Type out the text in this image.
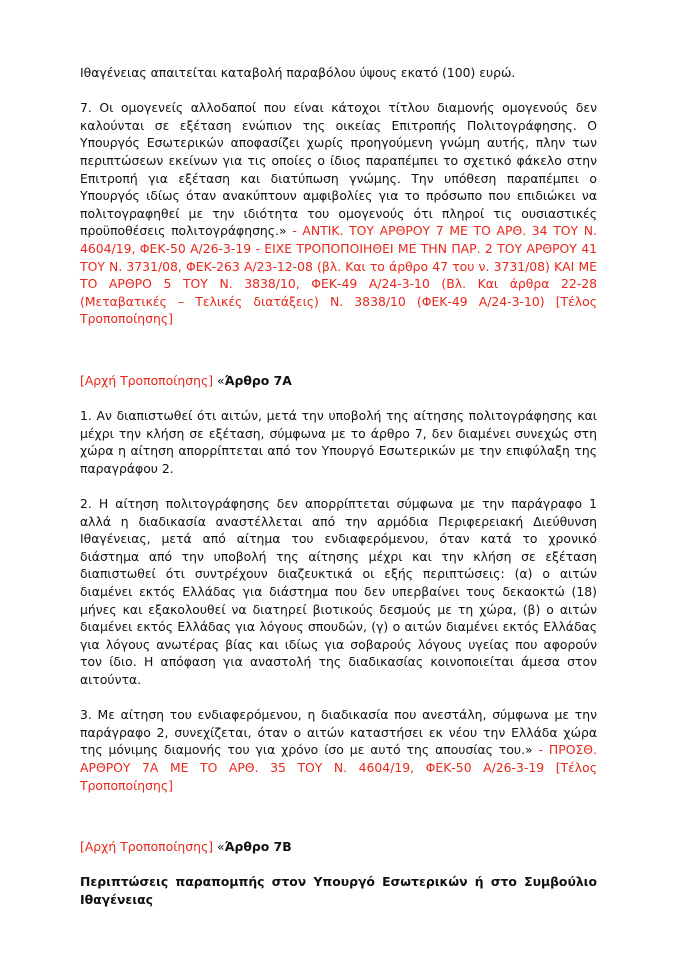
Ιθαγένειας απαιτείται καταβολή παραβόλου ύψους εκατό (100) ευρώ.

7. Οι ομογενείς αλλοδαποί που είναι κάτοχοι τίτλου διαμονής ομογενούς δεν καλούνται σε εξέταση ενώπιον της οικείας Επιτροπής Πολιτογράφησης. Ο Υπουργός Εσωτερικών αποφασίζει χωρίς προηγούμενη γνώμη αυτής, πλην των περιπτώσεων εκείνων για τις οποίες ο ίδιος παραπέμπει το σχετικό φάκελο στην Επιτροπή για εξέταση και διατύπωση γνώμης. Την υπόθεση παραπέμπει ο Υπουργός ιδίως όταν ανακύπτουν αμφιβολίες για το πρόσωπο που επιδιώκει να πολιτογραφηθεί με την ιδιότητα του ομογενούς ότι πληροί τις ουσιαστικές προϋποθέσεις πολιτογράφησης.» - ΑΝΤΙΚ. ΤΟΥ ΑΡΘΡΟΥ 7 ΜΕ ΤΟ ΑΡΘ. 34 ΤΟΥ Ν. 4604/19, ΦΕΚ-50 Α/26-3-19 - ΕΙΧΕ ΤΡΟΠΟΠΟΙΗΘΕΙ ΜΕ ΤΗΝ ΠΑΡ. 2 ΤΟΥ ΑΡΘΡΟΥ 41 ΤΟΥ Ν. 3731/08, ΦΕΚ-263 Α/23-12-08 (βλ. Και το άρθρο 47 του ν. 3731/08) ΚΑΙ ΜΕ ΤΟ ΑΡΘΡΟ 5 ΤΟΥ Ν. 3838/10, ΦΕΚ-49 Α/24-3-10 (Βλ. Και άρθρα 22-28 (Μεταβατικές – Τελικές διατάξεις) Ν. 3838/10 (ΦΕΚ-49 Α/24-3-10) [Τέλος Τροποποίησης]

[Αρχή Τροποποίησης] «Άρθρο 7Α

1. Αν διαπιστωθεί ότι αιτών, μετά την υποβολή της αίτησης πολιτογράφησης και μέχρι την κλήση σε εξέταση, σύμφωνα με το άρθρο 7, δεν διαμένει συνεχώς στη χώρα η αίτηση απορρίπτεται από τον Υπουργό Εσωτερικών με την επιφύλαξη της παραγράφου 2.

2. Η αίτηση πολιτογράφησης δεν απορρίπτεται σύμφωνα με την παράγραφο 1 αλλά η διαδικασία αναστέλλεται από την αρμόδια Περιφερειακή Διεύθυνση Ιθαγένειας, μετά από αίτημα του ενδιαφερόμενου, όταν κατά το χρονικό διάστημα από την υποβολή της αίτησης μέχρι και την κλήση σε εξέταση διαπιστωθεί ότι συντρέχουν διαζευκτικά οι εξής περιπτώσεις: (α) ο αιτών διαμένει εκτός Ελλάδας για διάστημα που δεν υπερβαίνει τους δεκαοκτώ (18) μήνες και εξακολουθεί να διατηρεί βιοτικούς δεσμούς με τη χώρα, (β) ο αιτών διαμένει εκτός Ελλάδας για λόγους σπουδών, (γ) ο αιτών διαμένει εκτός Ελλάδας για λόγους ανωτέρας βίας και ιδίως για σοβαρούς λόγους υγείας που αφορούν τον ίδιο. Η απόφαση για αναστολή της διαδικασίας κοινοποιείται άμεσα στον αιτούντα.

3. Με αίτηση του ενδιαφερόμενου, η διαδικασία που ανεστάλη, σύμφωνα με την παράγραφο 2, συνεχίζεται, όταν ο αιτών καταστήσει εκ νέου την Ελλάδα χώρα της μόνιμης διαμονής του για χρόνο ίσο με αυτό της απουσίας του.» - ΠΡΟΣΘ. ΑΡΘΡΟΥ 7Α ΜΕ ΤΟ ΑΡΘ. 35 ΤΟΥ Ν. 4604/19, ΦΕΚ-50 Α/26-3-19 [Τέλος Τροποποίησης]

[Αρχή Τροποποίησης] «Άρθρο 7Β

Περιπτώσεις παραπομπής στον Υπουργό Εσωτερικών ή στο Συμβούλιο Ιθαγένειας
